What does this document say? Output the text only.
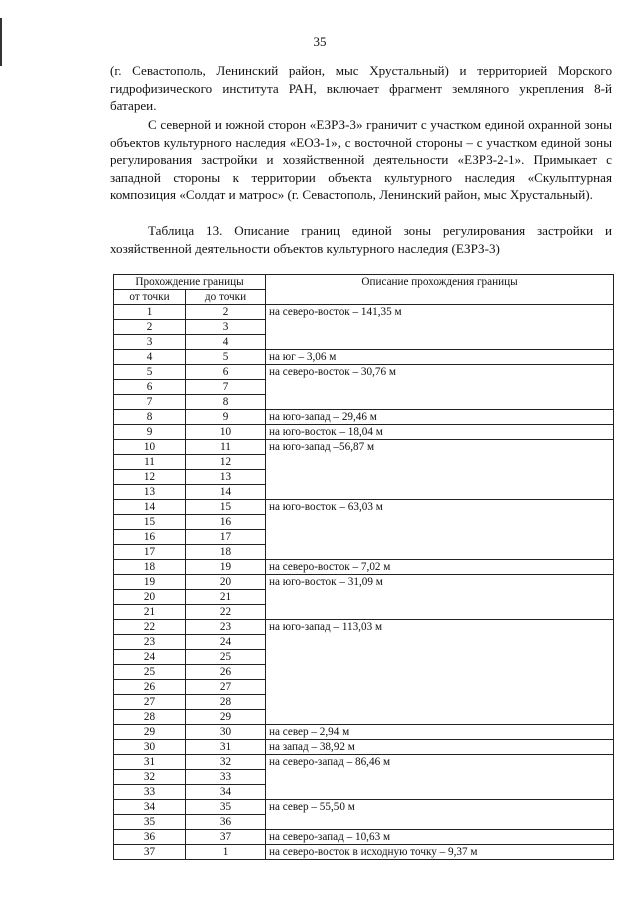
35

(г. Севастополь, Ленинский район, мыс Хрустальный) и территорией Морского гидрофизического института РАН, включает фрагмент земляного укрепления 8-й батареи.

С северной и южной сторон «ЕЗРЗ-3» граничит с участком единой охранной зоны объектов культурного наследия «ЕОЗ-1», с восточной стороны – с участком единой зоны регулирования застройки и хозяйственной деятельности «ЕЗРЗ-2-1». Примыкает с западной стороны к территории объекта культурного наследия «Скульптурная композиция «Солдат и матрос» (г. Севастополь, Ленинский район, мыс Хрустальный).

Таблица 13. Описание границ единой зоны регулирования застройки и хозяйственной деятельности объектов культурного наследия (ЕЗРЗ-3)
Прохождение границы		Описание прохождения границы
от точки	до точки	
1	2	на северо-восток – 141,35 м
2	3	
3	4	
4	5	на юг – 3,06 м
5	6	на северо-восток – 30,76 м
6	7	
7	8	
8	9	на юго-запад – 29,46 м
9	10	на юго-восток – 18,04 м
10	11	на юго-запад –56,87 м
11	12	
12	13	
13	14	
14	15	на юго-восток – 63,03 м
15	16	
16	17	
17	18	
18	19	на северо-восток – 7,02 м
19	20	на юго-восток – 31,09 м
20	21	
21	22	
22	23	на юго-запад – 113,03 м
23	24	
24	25	
25	26	
26	27	
27	28	
28	29	
29	30	на север – 2,94 м
30	31	на запад – 38,92 м
31	32	на северо-запад – 86,46 м
32	33	
33	34	
34	35	на север – 55,50 м
35	36	
36	37	на северо-запад – 10,63 м
37	1	на северо-восток в исходную точку – 9,37 м
